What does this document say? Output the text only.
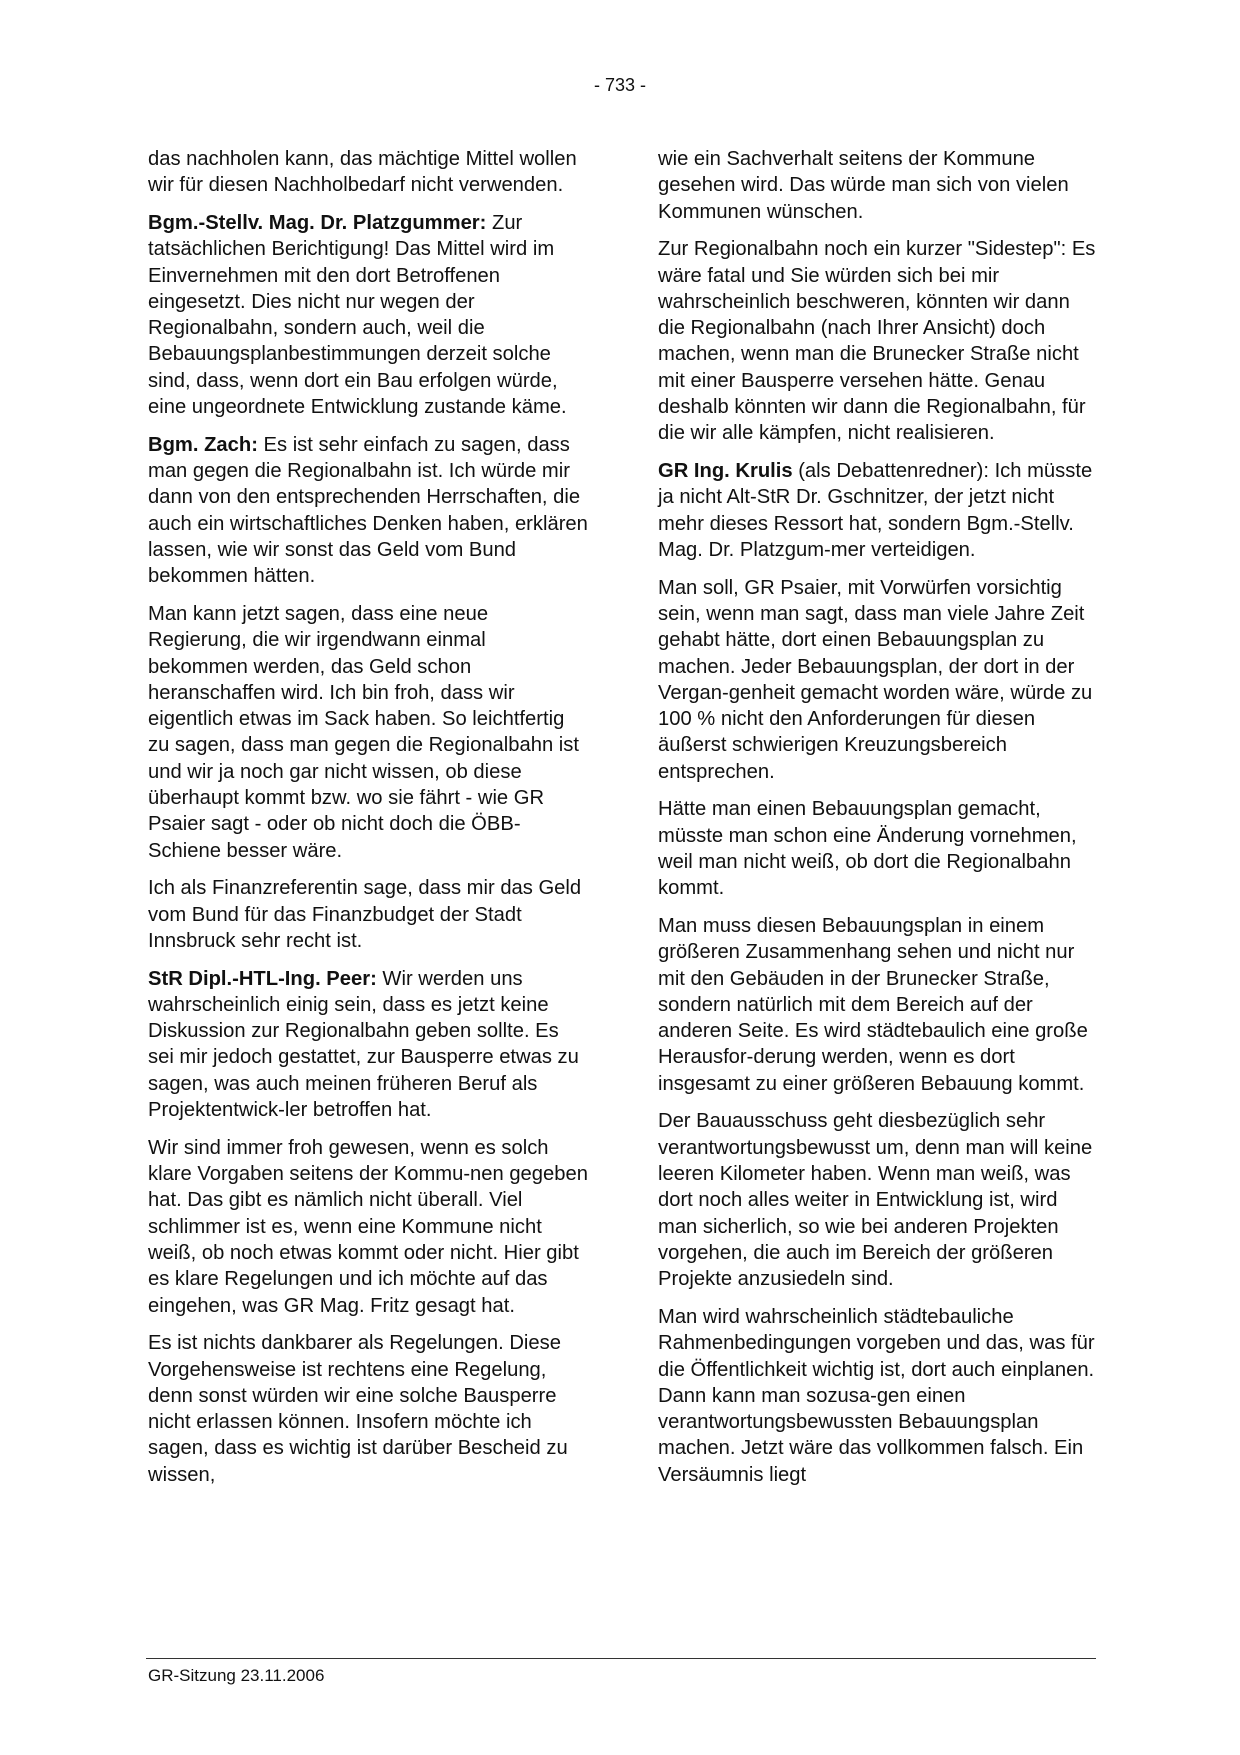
- 733 -

das nachholen kann, das mächtige Mittel wollen wir für diesen Nachholbedarf nicht verwenden.

Bgm.-Stellv. Mag. Dr. Platzgummer: Zur tatsächlichen Berichtigung! Das Mittel wird im Einvernehmen mit den dort Betroffenen eingesetzt. Dies nicht nur wegen der Regionalbahn, sondern auch, weil die Bebauungsplanbestimmungen derzeit solche sind, dass, wenn dort ein Bau erfolgen würde, eine ungeordnete Entwicklung zustande käme.

Bgm. Zach: Es ist sehr einfach zu sagen, dass man gegen die Regionalbahn ist. Ich würde mir dann von den entsprechenden Herrschaften, die auch ein wirtschaftliches Denken haben, erklären lassen, wie wir sonst das Geld vom Bund bekommen hätten.

Man kann jetzt sagen, dass eine neue Regierung, die wir irgendwann einmal bekommen werden, das Geld schon heranschaffen wird. Ich bin froh, dass wir eigentlich etwas im Sack haben. So leichtfertig zu sagen, dass man gegen die Regionalbahn ist und wir ja noch gar nicht wissen, ob diese überhaupt kommt bzw. wo sie fährt - wie GR Psaier sagt - oder ob nicht doch die ÖBB-Schiene besser wäre.

Ich als Finanzreferentin sage, dass mir das Geld vom Bund für das Finanzbudget der Stadt Innsbruck sehr recht ist.

StR Dipl.-HTL-Ing. Peer: Wir werden uns wahrscheinlich einig sein, dass es jetzt keine Diskussion zur Regionalbahn geben sollte. Es sei mir jedoch gestattet, zur Bausperre etwas zu sagen, was auch meinen früheren Beruf als Projektentwick-ler betroffen hat.

Wir sind immer froh gewesen, wenn es solch klare Vorgaben seitens der Kommu-nen gegeben hat. Das gibt es nämlich nicht überall. Viel schlimmer ist es, wenn eine Kommune nicht weiß, ob noch etwas kommt oder nicht. Hier gibt es klare Regelungen und ich möchte auf das eingehen, was GR Mag. Fritz gesagt hat.

Es ist nichts dankbarer als Regelungen. Diese Vorgehensweise ist rechtens eine Regelung, denn sonst würden wir eine solche Bausperre nicht erlassen können. Insofern möchte ich sagen, dass es wichtig ist darüber Bescheid zu wissen,

wie ein Sachverhalt seitens der Kommune gesehen wird. Das würde man sich von vielen Kommunen wünschen.

Zur Regionalbahn noch ein kurzer "Sidestep": Es wäre fatal und Sie würden sich bei mir wahrscheinlich beschweren, könnten wir dann die Regionalbahn (nach Ihrer Ansicht) doch machen, wenn man die Brunecker Straße nicht mit einer Bausperre versehen hätte. Genau deshalb könnten wir dann die Regionalbahn, für die wir alle kämpfen, nicht realisieren.

GR Ing. Krulis (als Debattenredner): Ich müsste ja nicht Alt-StR Dr. Gschnitzer, der jetzt nicht mehr dieses Ressort hat, sondern Bgm.-Stellv. Mag. Dr. Platzgum-mer verteidigen.

Man soll, GR Psaier, mit Vorwürfen vorsichtig sein, wenn man sagt, dass man viele Jahre Zeit gehabt hätte, dort einen Bebauungsplan zu machen. Jeder Bebauungsplan, der dort in der Vergan-genheit gemacht worden wäre, würde zu 100 % nicht den Anforderungen für diesen äußerst schwierigen Kreuzungsbereich entsprechen.

Hätte man einen Bebauungsplan gemacht, müsste man schon eine Änderung vornehmen, weil man nicht weiß, ob dort die Regionalbahn kommt.

Man muss diesen Bebauungsplan in einem größeren Zusammenhang sehen und nicht nur mit den Gebäuden in der Brunecker Straße, sondern natürlich mit dem Bereich auf der anderen Seite. Es wird städtebaulich eine große Herausfor-derung werden, wenn es dort insgesamt zu einer größeren Bebauung kommt.

Der Bauausschuss geht diesbezüglich sehr verantwortungsbewusst um, denn man will keine leeren Kilometer haben. Wenn man weiß, was dort noch alles weiter in Entwicklung ist, wird man sicherlich, so wie bei anderen Projekten vorgehen, die auch im Bereich der größeren Projekte anzusiedeln sind.

Man wird wahrscheinlich städtebauliche Rahmenbedingungen vorgeben und das, was für die Öffentlichkeit wichtig ist, dort auch einplanen. Dann kann man sozusa-gen einen verantwortungsbewussten Bebauungsplan machen. Jetzt wäre das vollkommen falsch. Ein Versäumnis liegt

GR-Sitzung 23.11.2006
